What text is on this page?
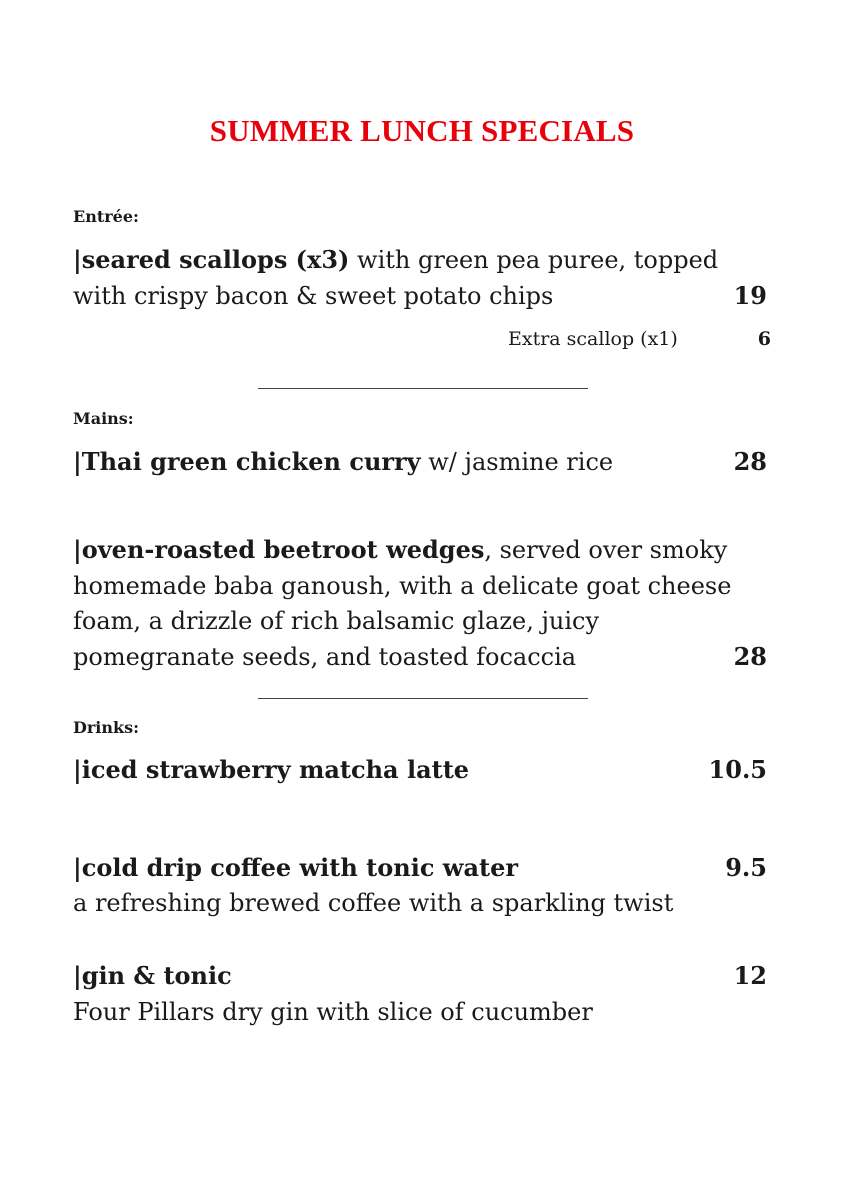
SUMMER LUNCH SPECIALS
Entrée:
|seared scallops (x3) with green pea puree, topped
with crispy bacon & sweet potato chips	19
Extra scallop (x1)	6
Mains:
|Thai green chicken curry w/ jasmine rice	28
|oven-roasted beetroot wedges, served over smoky
homemade baba ganoush, with a delicate goat cheese
foam, a drizzle of rich balsamic glaze, juicy
pomegranate seeds, and toasted focaccia	28
Drinks:
|iced strawberry matcha latte	10.5
|cold drip coffee with tonic water	9.5
a refreshing brewed coffee with a sparkling twist
|gin & tonic	12
Four Pillars dry gin with slice of cucumber
